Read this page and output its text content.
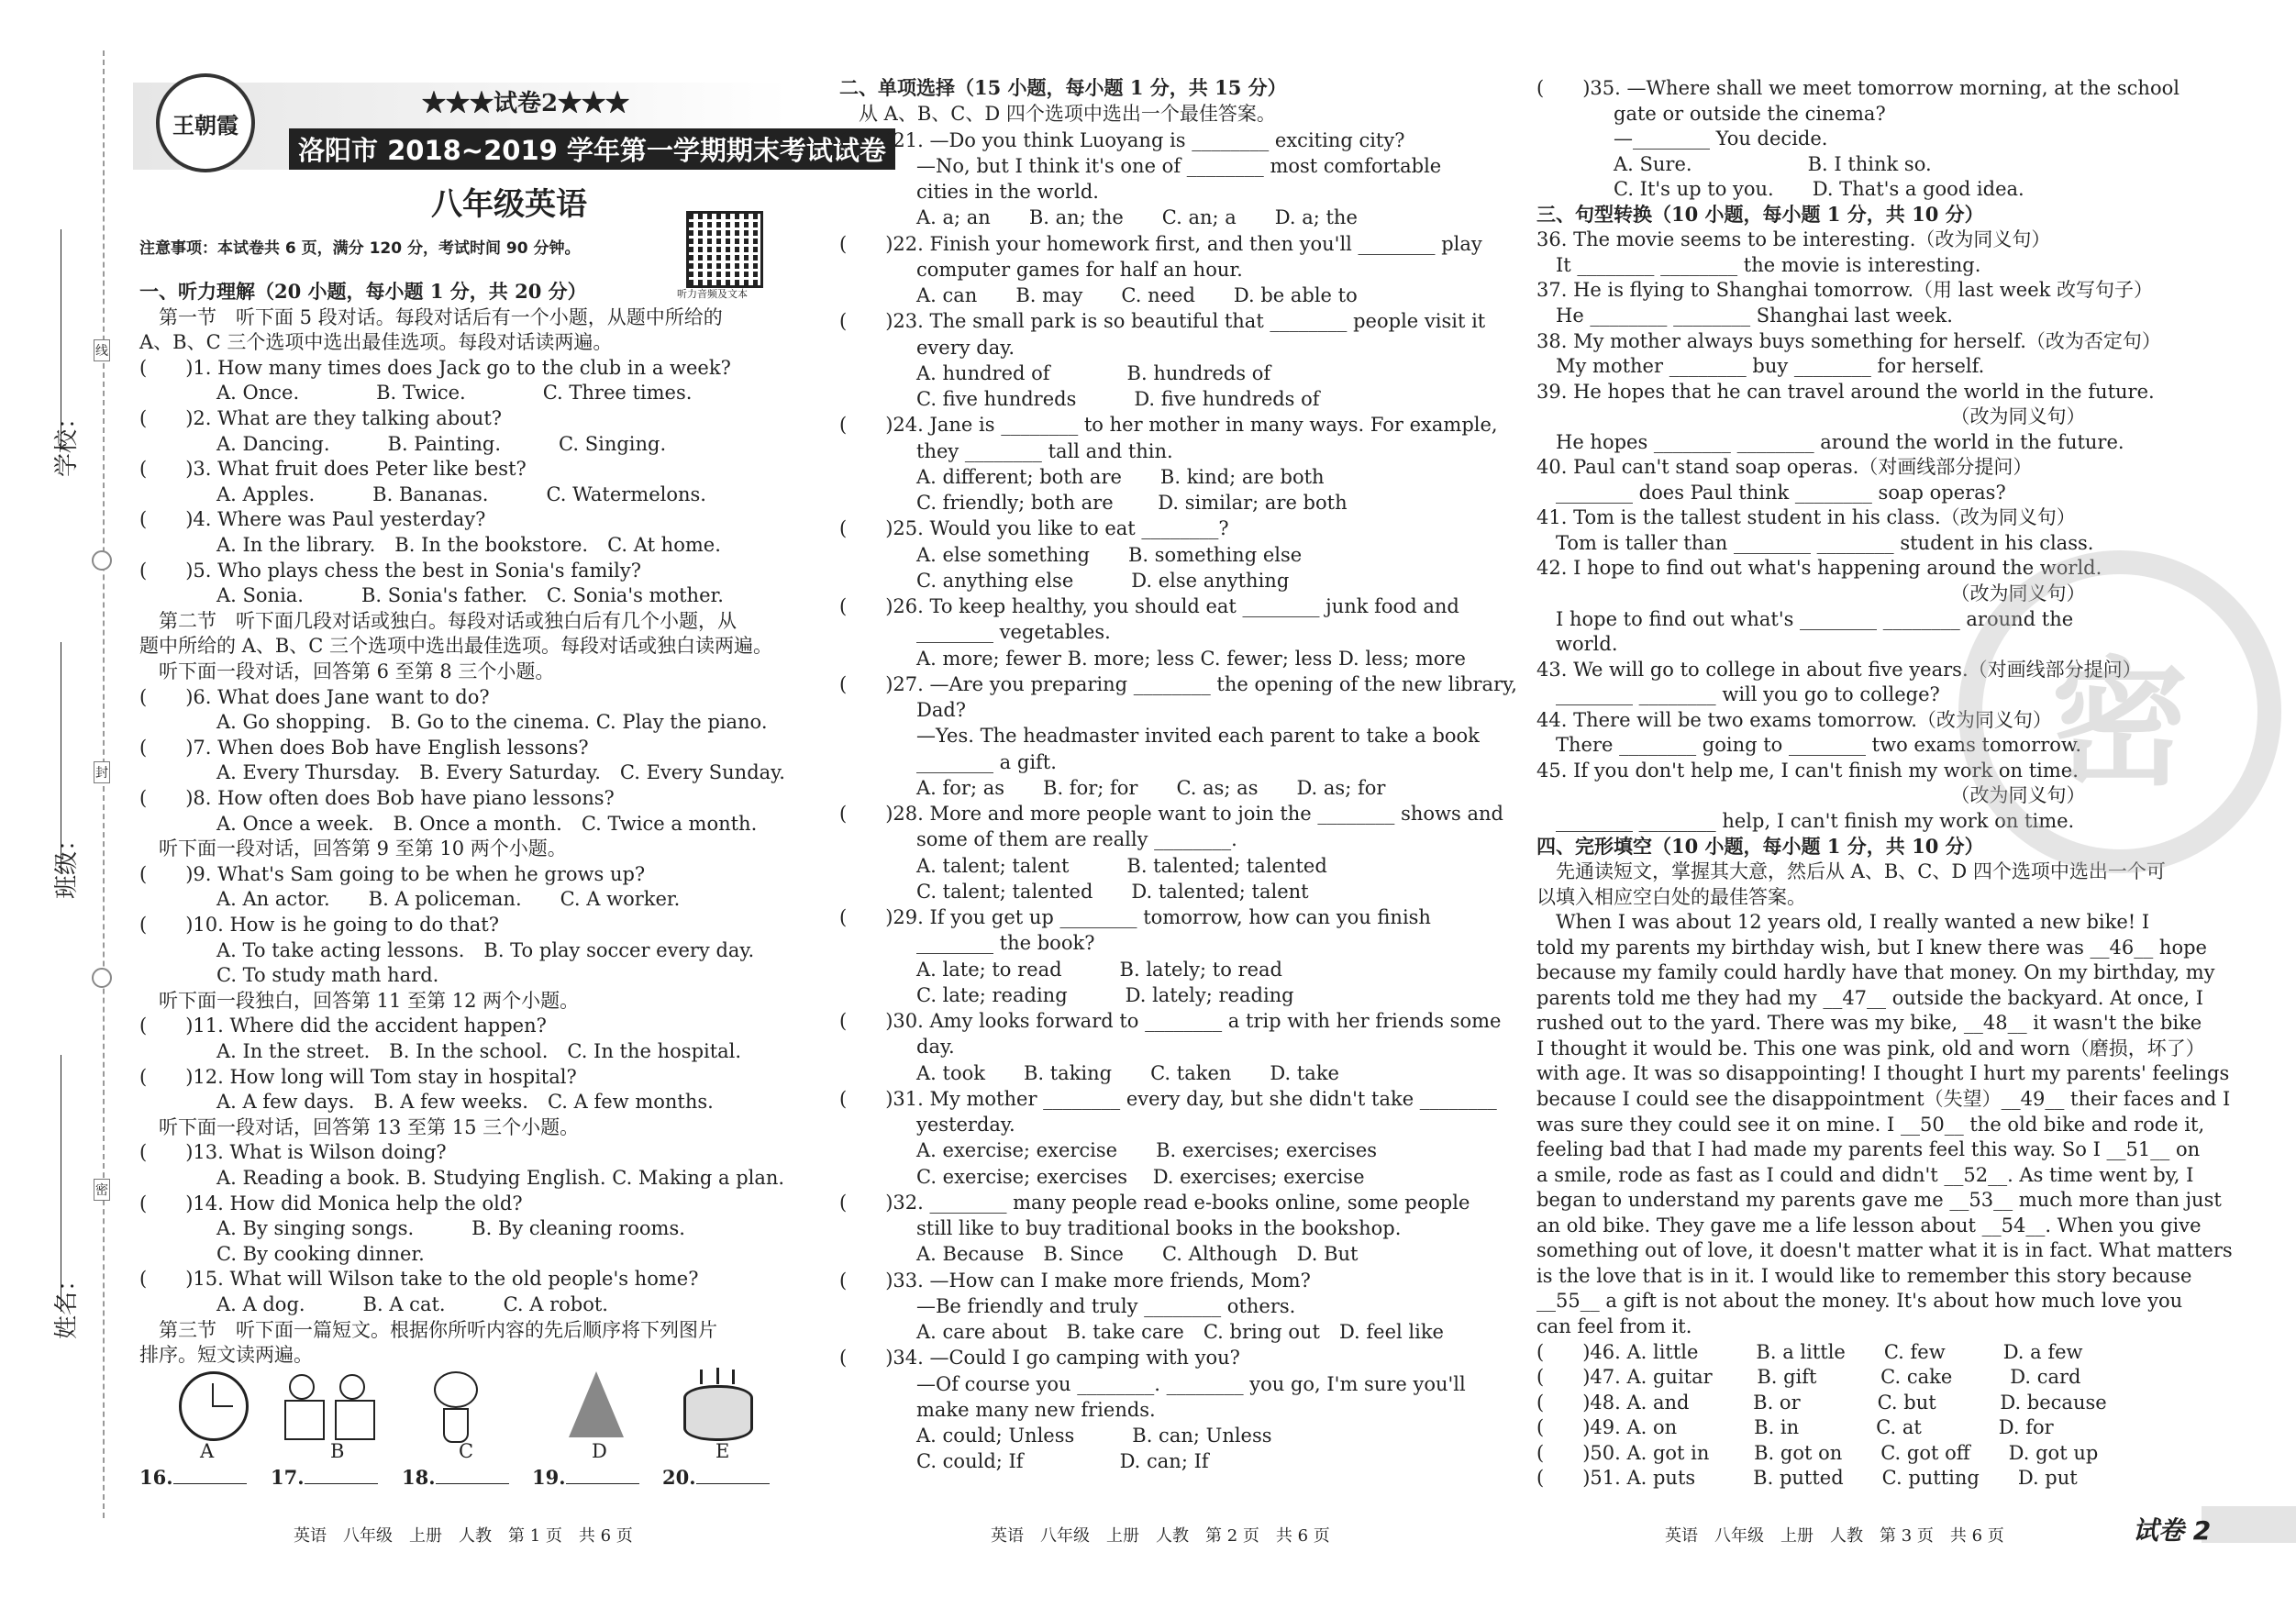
学校：
班级：
姓名：
线
封
密
王朝霞
★★★试卷2★★★
洛阳市 2018~2019 学年第一学期期末考试试卷
八年级英语
注意事项：本试卷共 6 页，满分 120 分，考试时间 90 分钟。
听力音频及文本
一、听力理解（20 小题，每小题 1 分，共 20 分）
　第一节　听下面 5 段对话。每段对话后有一个小题，从题中所给的
A、B、C 三个选项中选出最佳选项。每段对话读两遍。
(　　)1. How many times does Jack go to the club in a week?
　　　　A. Once.　　　　B. Twice.　　　　C. Three times.
(　　)2. What are they talking about?
　　　　A. Dancing.　　　B. Painting.　　　C. Singing.
(　　)3. What fruit does Peter like best?
　　　　A. Apples.　　　B. Bananas.　　　C. Watermelons.
(　　)4. Where was Paul yesterday?
　　　　A. In the library.　B. In the bookstore.　C. At home.
(　　)5. Who plays chess the best in Sonia's family?
　　　　A. Sonia.　　　B. Sonia's father.　C. Sonia's mother.
　第二节　听下面几段对话或独白。每段对话或独白后有几个小题，从
题中所给的 A、B、C 三个选项中选出最佳选项。每段对话或独白读两遍。
　听下面一段对话，回答第 6 至第 8 三个小题。
(　　)6. What does Jane want to do?
　　　　A. Go shopping.　B. Go to the cinema. C. Play the piano.
(　　)7. When does Bob have English lessons?
　　　　A. Every Thursday.　B. Every Saturday.　C. Every Sunday.
(　　)8. How often does Bob have piano lessons?
　　　　A. Once a week.　B. Once a month.　C. Twice a month.
　听下面一段对话，回答第 9 至第 10 两个小题。
(　　)9. What's Sam going to be when he grows up?
　　　　A. An actor.　　B. A policeman.　　C. A worker.
(　　)10. How is he going to do that?
　　　　A. To take acting lessons.　B. To play soccer every day.
　　　　C. To study math hard.
　听下面一段独白，回答第 11 至第 12 两个小题。
(　　)11. Where did the accident happen?
　　　　A. In the street.　B. In the school.　C. In the hospital.
(　　)12. How long will Tom stay in hospital?
　　　　A. A few days.　B. A few weeks.　C. A few months.
　听下面一段对话，回答第 13 至第 15 三个小题。
(　　)13. What is Wilson doing?
　　　　A. Reading a book. B. Studying English. C. Making a plan.
(　　)14. How did Monica help the old?
　　　　A. By singing songs.　　　B. By cleaning rooms.
　　　　C. By cooking dinner.
(　　)15. What will Wilson take to the old people's home?
　　　　A. A dog.　　　B. A cat.　　　C. A robot.
　第三节　听下面一篇短文。根据你所听内容的先后顺序将下列图片
排序。短文读两遍。
A	B	C	D	E
16.	17.	18.	19.	20.
二、单项选择（15 小题，每小题 1 分，共 15 分）
　从 A、B、C、D 四个选项中选出一个最佳答案。
(　　)21. —Do you think Luoyang is ________ exciting city?
　　　　—No, but I think it's one of ________ most comfortable
　　　　cities in the world.
　　　　A. a; an　　B. an; the　　C. an; a　　D. a; the
(　　)22. Finish your homework first, and then you'll ________ play
　　　　computer games for half an hour.
　　　　A. can　　B. may　　C. need　　D. be able to
(　　)23. The small park is so beautiful that ________ people visit it
　　　　every day.
　　　　A. hundred of　　　　B. hundreds of
　　　　C. five hundreds　　　D. five hundreds of
(　　)24. Jane is ________ to her mother in many ways. For example,
　　　　they ________ tall and thin.
　　　　A. different; both are　　B. kind; are both
　　　　C. friendly; both are　　 D. similar; are both
(　　)25. Would you like to eat ________?
　　　　A. else something　　B. something else
　　　　C. anything else　　　D. else anything
(　　)26. To keep healthy, you should eat ________ junk food and
　　　　________ vegetables.
　　　　A. more; fewer B. more; less C. fewer; less D. less; more
(　　)27. —Are you preparing ________ the opening of the new library,
　　　　Dad?
　　　　—Yes. The headmaster invited each parent to take a book
　　　　________ a gift.
　　　　A. for; as　　B. for; for　　C. as; as　　D. as; for
(　　)28. More and more people want to join the ________ shows and
　　　　some of them are really ________.
　　　　A. talent; talent　　　B. talented; talented
　　　　C. talent; talented　　D. talented; talent
(　　)29. If you get up ________ tomorrow, how can you finish
　　　　________ the book?
　　　　A. late; to read　　　B. lately; to read
　　　　C. late; reading　　　D. lately; reading
(　　)30. Amy looks forward to ________ a trip with her friends some
　　　　day.
　　　　A. took　　B. taking　　C. taken　　D. take
(　　)31. My mother ________ every day, but she didn't take ________
　　　　yesterday.
　　　　A. exercise; exercise　　B. exercises; exercises
　　　　C. exercise; exercises　 D. exercises; exercise
(　　)32. ________ many people read e-books online, some people
　　　　still like to buy traditional books in the bookshop.
　　　　A. Because　B. Since　　C. Although　D. But
(　　)33. —How can I make more friends, Mom?
　　　　—Be friendly and truly ________ others.
　　　　A. care about　B. take care　C. bring out　D. feel like
(　　)34. —Could I go camping with you?
　　　　—Of course you ________. ________ you go, I'm sure you'll
　　　　make many new friends.
　　　　A. could; Unless　　　B. can; Unless
　　　　C. could; If　　　　　D. can; If
(　　)35. —Where shall we meet tomorrow morning, at the school
　　　　gate or outside the cinema?
　　　　—________ You decide.
　　　　A. Sure.　　　　　　B. I think so.
　　　　C. It's up to you.　　D. That's a good idea.
三、句型转换（10 小题，每小题 1 分，共 10 分）
36. The movie seems to be interesting.（改为同义句）
　It ________ ________ the movie is interesting.
37. He is flying to Shanghai tomorrow.（用 last week 改写句子）
　He ________ ________ Shanghai last week.
38. My mother always buys something for herself.（改为否定句）
　My mother ________ buy ________ for herself.
39. He hopes that he can travel around the world in the future.
　　　　　　　　　　　　　　　　　　　　　　（改为同义句）
　He hopes ________ ________ around the world in the future.
40. Paul can't stand soap operas.（对画线部分提问）
　________ does Paul think ________ soap operas?
41. Tom is the tallest student in his class.（改为同义句）
　Tom is taller than ________ ________ student in his class.
42. I hope to find out what's happening around the world.
　　　　　　　　　　　　　　　　　　　　　　（改为同义句）
　I hope to find out what's ________ ________ around the
　world.
43. We will go to college in about five years.（对画线部分提问）
　________ ________ will you go to college?
44. There will be two exams tomorrow.（改为同义句）
　There ________ going to ________ two exams tomorrow.
45. If you don't help me, I can't finish my work on time.
　　　　　　　　　　　　　　　　　　　　　　（改为同义句）
　________ ________ help, I can't finish my work on time.
四、完形填空（10 小题，每小题 1 分，共 10 分）
　先通读短文，掌握其大意，然后从 A、B、C、D 四个选项中选出一个可
以填入相应空白处的最佳答案。
　When I was about 12 years old, I really wanted a new bike! I
told my parents my birthday wish, but I knew there was __46__ hope
because my family could hardly have that money. On my birthday, my
parents told me they had my __47__ outside the backyard. At once, I
rushed out to the yard. There was my bike, __48__ it wasn't the bike
I thought it would be. This one was pink, old and worn（磨损，坏了）
with age. It was so disappointing! I thought I hurt my parents' feelings
because I could see the disappointment（失望）__49__ their faces and I
was sure they could see it on mine. I __50__ the old bike and rode it,
feeling bad that I had made my parents feel this way. So I __51__ on
a smile, rode as fast as I could and didn't __52__. As time went by, I
began to understand my parents gave me __53__ much more than just
an old bike. They gave me a life lesson about __54__. When you give
something out of love, it doesn't matter what it is in fact. What matters
is the love that is in it. I would like to remember this story because
__55__ a gift is not about the money. It's about how much love you
can feel from it.
(　　)46. A. little　　　B. a little　　C. few　　　D. a few
(　　)47. A. guitar　　 B. gift　　　 C. cake　　　D. card
(　　)48. A. and　　　 B. or　　　　C. but　　　 D. because
(　　)49. A. on　　　　B. in　　　　C. at　　　　D. for
(　　)50. A. got in　　 B. got on　　C. got off　　D. got up
(　　)51. A. puts　　　B. putted　　C. putting　　D. put
密
英语　八年级　上册　人教　第 1 页　共 6 页	英语　八年级　上册　人教　第 2 页　共 6 页	英语　八年级　上册　人教　第 3 页　共 6 页	试卷 2
